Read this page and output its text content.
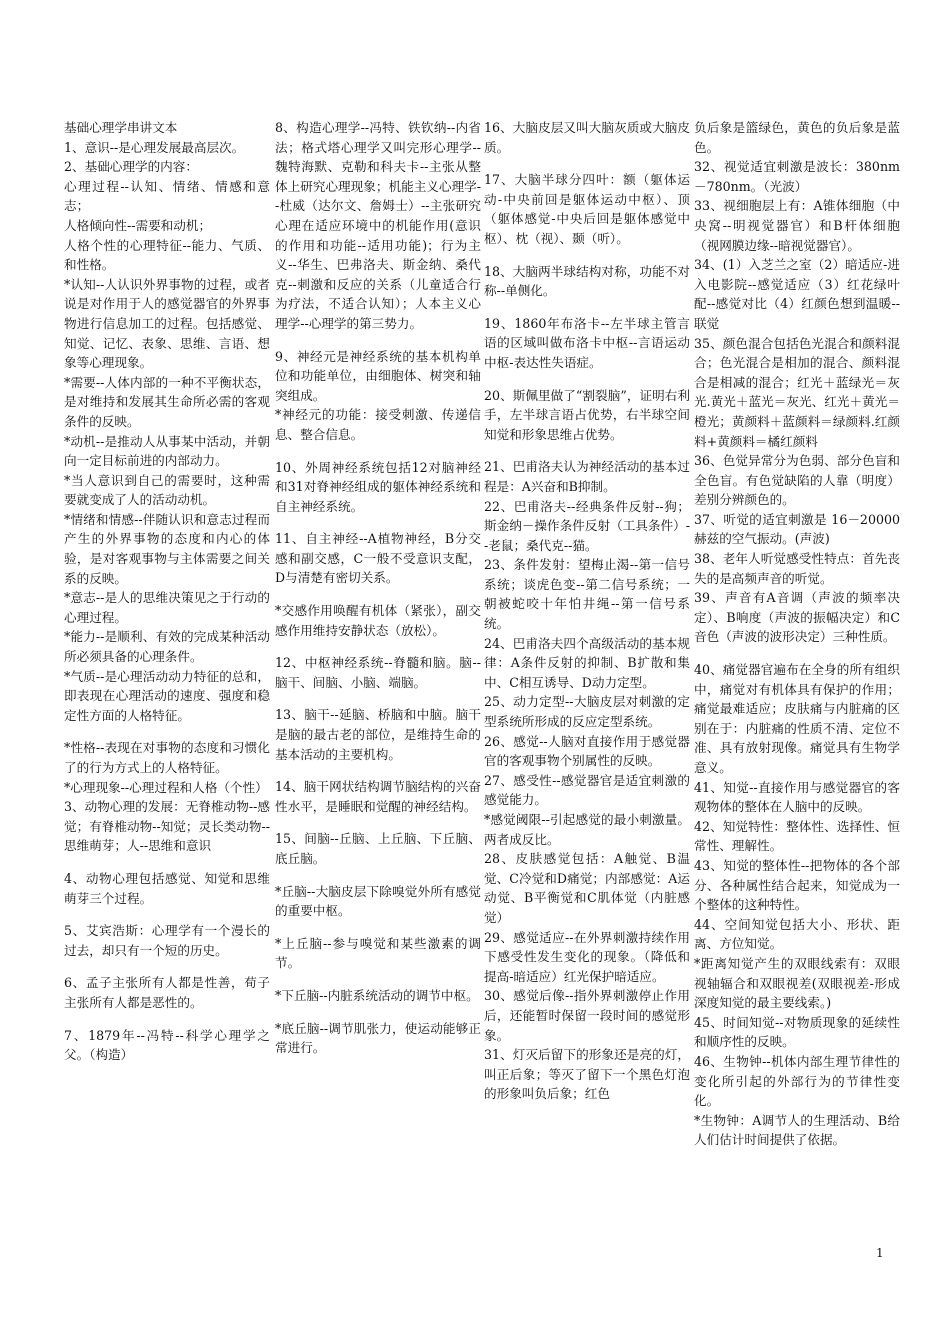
基础心理学串讲文本

1、意识--是心理发展最高层次。

2、基础心理学的内容：

心理过程--认知、情绪、情感和意志；

人格倾向性--需要和动机；

人格个性的心理特征--能力、气质、和性格。

*认知--人认识外界事物的过程，或者说是对作用于人的感觉器官的外界事物进行信息加工的过程。包括感觉、知觉、记忆、表象、思维、言语、想象等心理现象。

*需要--人体内部的一种不平衡状态，是对维持和发展其生命所必需的客观条件的反映。

*动机--是推动人从事某中活动，并朝向一定目标前进的内部动力。

*当人意识到自己的需要时，这种需要就变成了人的活动动机。

*情绪和情感--伴随认识和意志过程而产生的外界事物的态度和内心的体验，是对客观事物与主体需要之间关系的反映。

*意志--是人的思维决策见之于行动的心理过程。

*能力--是顺利、有效的完成某种活动所必须具备的心理条件。

*气质--是心理活动动力特征的总和，即表现在心理活动的速度、强度和稳定性方面的人格特征。

*性格--表现在对事物的态度和习惯化了的行为方式上的人格特征。

*心理现象--心理过程和人格（个性）

3、动物心理的发展：无脊椎动物--感觉；有脊椎动物--知觉；灵长类动物--思维萌芽；人--思维和意识

4、动物心理包括感觉、知觉和思维萌芽三个过程。

5、艾宾浩斯：心理学有一个漫长的过去，却只有一个短的历史。

6、孟子主张所有人都是性善，荀子主张所有人都是恶性的。

7、1879年--冯特--科学心理学之父。（构造）

8、构造心理学--冯特、铁钦纳--内省法；格式塔心理学又叫完形心理学--魏特海默、克勒和科夫卡--主张从整体上研究心理现象；机能主义心理学--杜威（达尔文、詹姆士）--主张研究心理在适应环境中的机能作用(意识的作用和功能--适用功能)；行为主义--华生、巴弗洛夫、斯金纳、桑代克--刺激和反应的关系（儿童适合行为疗法，不适合认知）；人本主义心理学--心理学的第三势力。

9、神经元是神经系统的基本机构单位和功能单位，由细胞体、树突和轴突组成。

*神经元的功能：接受刺激、传递信息、整合信息。

10、外周神经系统包括12对脑神经和31对脊神经组成的躯体神经系统和自主神经系统。

11、自主神经--A植物神经，B分交感和副交感，C一般不受意识支配，D与清楚有密切关系。

*交感作用唤醒有机体（紧张），副交感作用维持安静状态（放松）。

12、中枢神经系统--脊髓和脑。脑--脑干、间脑、小脑、端脑。

13、脑干--延脑、桥脑和中脑。脑干是脑的最古老的部位，是维持生命的基本活动的主要机构。

14、脑干网状结构调节脑结构的兴奋性水平，是睡眠和觉醒的神经结构。

15、间脑--丘脑、上丘脑、下丘脑、底丘脑。

*丘脑--大脑皮层下除嗅觉外所有感觉的重要中枢。

*上丘脑--参与嗅觉和某些激素的调节。

*下丘脑--内脏系统活动的调节中枢。

*底丘脑--调节肌张力，使运动能够正常进行。

16、大脑皮层又叫大脑灰质或大脑皮质。

17、大脑半球分四叶：额（躯体运动-中央前回是躯体运动中枢）、顶（躯体感觉-中央后回是躯体感觉中枢）、枕（视）、颞（听）。

18、大脑两半球结构对称，功能不对称--单侧化。

19、1860年布洛卡--左半球主管言语的区域叫做布洛卡中枢--言语运动中枢-表达性失语症。

20、斯佩里做了“割裂脑”，证明右利手，左半球言语占优势，右半球空间知觉和形象思维占优势。

21、巴甫洛夫认为神经活动的基本过程是：A兴奋和B抑制。

22、巴甫洛夫--经典条件反射--狗；斯金纳－操作条件反射（工具条件）--老鼠；桑代克--猫。

23、条件发射：望梅止渴--第一信号系统；谈虎色变--第二信号系统；一朝被蛇咬十年怕井绳--第一信号系统。

24、巴甫洛夫四个高级活动的基本规律：A条件反射的抑制、B扩散和集中、C相互诱导、D动力定型。

25、动力定型--大脑皮层对刺激的定型系统所形成的反应定型系统。

26、感觉--人脑对直接作用于感觉器官的客观事物个别属性的反映。

27、感受性--感觉器官是适宜刺激的感觉能力。

*感觉阈限--引起感觉的最小刺激量。两者成反比。

28、皮肤感觉包括：A触觉、B温觉、C冷觉和D痛觉；内部感觉：A运动觉、B平衡觉和C肌体觉（内脏感觉）

29、感觉适应--在外界刺激持续作用下感受性发生变化的现象。（降低和提高-暗适应）红光保护暗适应。

30、感觉后像--指外界刺激停止作用后，还能暂时保留一段时间的感觉形象。

31、灯灭后留下的形象还是亮的灯，叫正后象；等灭了留下一个黑色灯泡的形象叫负后象；红色

负后象是篮绿色，黄色的负后象是蓝色。

32、视觉适宜刺激是波长：380nm－780nm。（光波）

33、视细胞层上有：A锥体细胞（中央窝--明视觉器官）和B杆体细胞（视网膜边缘--暗视觉器官）。

34、(1）入芝兰之室（2）暗适应-进入电影院--感觉适应（3）红花绿叶配--感觉对比（4）红颜色想到温暖--联觉

35、颜色混合包括色光混合和颜料混合；色光混合是相加的混合、颜料混合是相减的混合；红光＋蓝绿光＝灰光.黄光＋蓝光＝灰光、红光＋黄光＝橙光；黄颜料＋蓝颜料＝绿颜料.红颜料+黄颜料＝橘红颜料

36、色觉异常分为色弱、部分色盲和全色盲。有色觉缺陷的人靠（明度）差别分辨颜色的。

37、听觉的适宜刺激是 16－20000赫兹的空气振动。(声波)

38、老年人听觉感受性特点：首先丧失的是高频声音的听觉。

39、声音有A音调（声波的频率决定）、B响度（声波的振幅决定）和C音色（声波的波形决定）三种性质。

40、痛觉器官遍布在全身的所有组织中，痛觉对有机体具有保护的作用；痛觉最难适应；皮肤痛与内脏痛的区别在于：内脏痛的性质不清、定位不准、具有放射现像。痛觉具有生物学意义。

41、知觉--直接作用与感觉器官的客观物体的整体在人脑中的反映。

42、知觉特性：整体性、选择性、恒常性、理解性。

43、知觉的整体性--把物体的各个部分、各种属性结合起来，知觉成为一个整体的这种特性。

44、空间知觉包括大小、形状、距离、方位知觉。

*距离知觉产生的双眼线索有：双眼视轴辐合和双眼视差(双眼视差-形成深度知觉的最主要线索。)

45、时间知觉--对物质现象的延续性和顺序性的反映。

46、生物钟--机体内部生理节律性的变化所引起的外部行为的节律性变化。

*生物钟：A调节人的生理活动、B给人们估计时间提供了依据。

1
